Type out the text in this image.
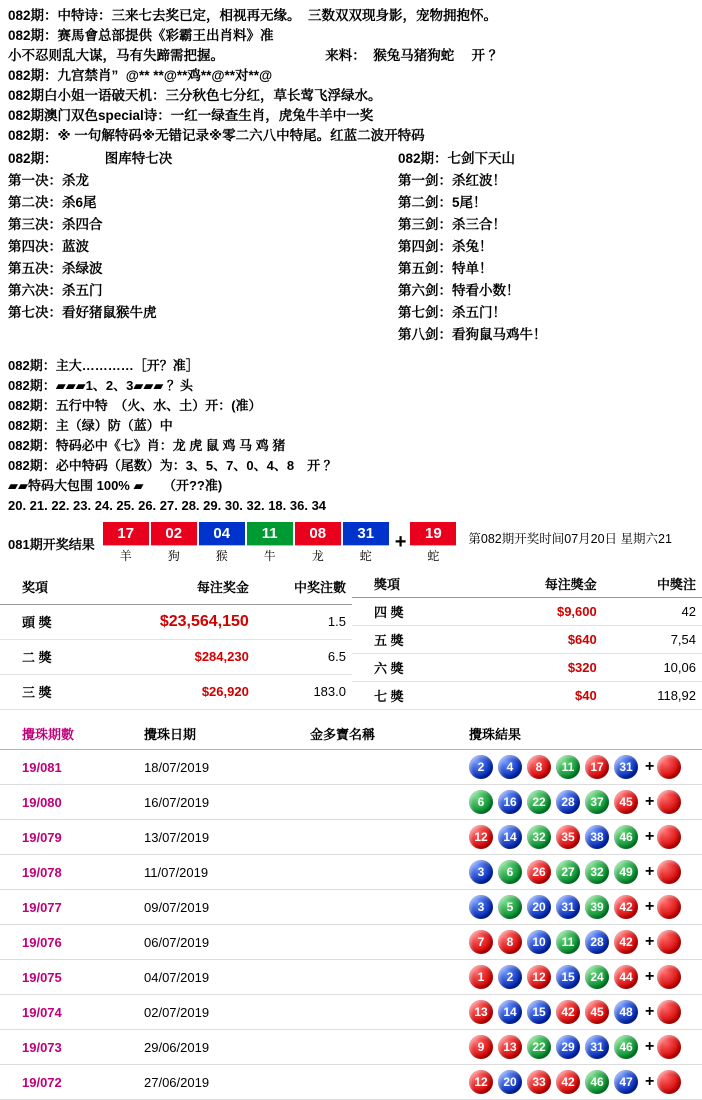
082期：中特诗：三来七去奖已定，相视再无缘。  三数双双现身影，宠物拥抱怀。
082期：赛馬會总部提供《彩霸王出肖料》准
小不忍则乱大谋，马有失蹄需把握。　　　　　　　　来料：  猴兔马猪狗蛇　 开 ？
082期：九宫禁肖”  @** **@**鸡**@**对**@
082期白小姐一语破天机：三分秋色七分红，草长莺飞浮绿水。
082期澳门双色special诗：一红一绿查生肖，虎兔牛羊中一奖
082期：※ 一句解特码※无错记录※零二六八中特尾。红蓝二波开特码
082期：　　　　图库特七决
第一决：杀龙
第二决：杀6尾
第三决：杀四合
第四决：蓝波
第五决：杀绿波
第六决：杀五门
第七决：看好猪鼠猴牛虎
082期：七剑下天山
第一剑：杀红波！
第二剑：5尾！
第三剑：杀三合！
第四剑：杀兔！
第五剑：特单！
第六剑：特看小数！
第七剑：杀五门！
第八剑：看狗鼠马鸡牛！
082期：主大…………［开？准］
082期：▰▰▰1、2、3▰▰▰ ？头
082期：五行中特　（火、水、土）开：(准）
082期：主（绿）防（蓝）中
082期：特码必中《七》肖：龙 虎 鼠 鸡 马 鸡 猪
082期：必中特码（尾数）为：3、5、7、0、4、8　开 ？
▰▰特码大包围 100% ▰　　（开??准)
20. 21. 22. 23. 24. 25. 26. 27. 28. 29. 30. 32. 18. 36. 34
081期开奖结果
17
羊
02
狗
04
猴
11
牛
08
龙
31
蛇
+	19
蛇
第082期开奖时间07月20日 星期六21
奖項	每注奖金	中奖注數
頭 獎	$23,564,150	1.5
二 獎	$284,230	6.5
三 獎	$26,920	183.0
獎項	每注獎金	中獎注
四 獎	$9,600	42
五 獎	$640	7,54
六 獎	$320	10,06
七 獎	$40	118,92
攪珠期數	攪珠日期	金多寶名稱	攪珠結果
19/081	18/07/2019		2	4	8	11	17	31 +

19/080	16/07/2019		6	16	22	28	37	45 +

19/079	13/07/2019		12	14	32	35	38	46 +

19/078	11/07/2019		3	6	26	27	32	49 +

19/077	09/07/2019		3	5	20	31	39	42 +

19/076	06/07/2019		7	8	10	11	28	42 +

19/075	04/07/2019		1	2	12	15	24	44 +

19/074	02/07/2019		13	14	15	42	45	48 +

19/073	29/06/2019		9	13	22	29	31	46 +

19/072	27/06/2019		12	20	33	42	46	47 +
